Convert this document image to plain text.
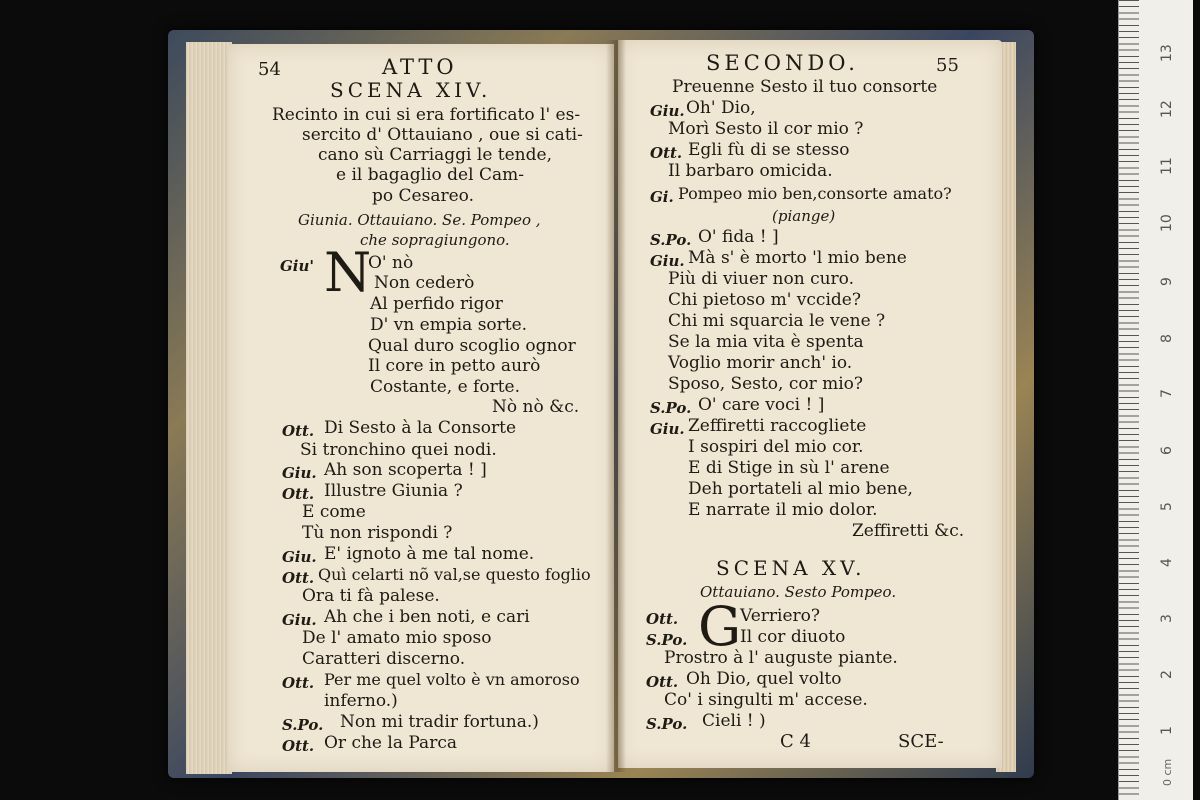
54	ATTO
SCENA XIV.
Recinto in cui si era fortificato l' es-
sercito d' Ottauiano , oue si cati-
cano sù Carriaggi le tende,
e il bagaglio del Cam-
po Cesareo.
Giunia. Ottauiano. Se. Pompeo ,
che sopragiungono.
N
Giu'	O' nò
Non cederò
Al perfido rigor
D' vn empia sorte.
Qual duro scoglio ognor
Il core in petto aurò
Costante, e forte.
Nò nò &c.
Ott. Di Sesto à la Consorte
Si tronchino quei nodi.
Giu. Ah son scoperta ! ]
Ott. Illustre Giunia ?
E come
Tù non rispondi ?
Giu. E' ignoto à me tal nome.
Ott. Quì celarti nõ val,se questo foglio
Ora ti fà palese.
Giu. Ah che i ben noti, e cari
De l' amato mio sposo
Caratteri discerno.
Ott. Per me quel volto è vn amoroso
inferno.)
S.Po. Non mi tradir fortuna.)
Ott. Or che la Parca
SECONDO.	55
Preuenne Sesto il tuo consorte
Giu. Oh' Dio,
Morì Sesto il cor mio ?
Ott. Egli fù di se stesso
Il barbaro omicida.
Gi. Pompeo mio ben,consorte amato?
(piange)
S.Po. O' fida ! ]
Giu. Mà s' è morto 'l mio bene
Più di viuer non curo.
Chi pietoso m' vccide?
Chi mi squarcia le vene ?
Se la mia vita è spenta
Voglio morir anch' io.
Sposo, Sesto, cor mio?
S.Po. O' care voci ! ]
Giu. Zeffiretti raccogliete
I sospiri del mio cor.
E di Stige in sù l' arene
Deh portateli al mio bene,
E narrate il mio dolor.
Zeffiretti &c.
SCENA XV.
Ottauiano. Sesto Pompeo.
G
Ott.	Verriero?
S.Po.	Il cor diuoto
Prostro à l' auguste piante.
Ott. Oh Dio, quel volto
Co' i singulti m' accese.
S.Po. Cieli ! )
C 4	SCE-
13
12
11
10
9
8
7
6
5
4
3
2
1
0 cm
